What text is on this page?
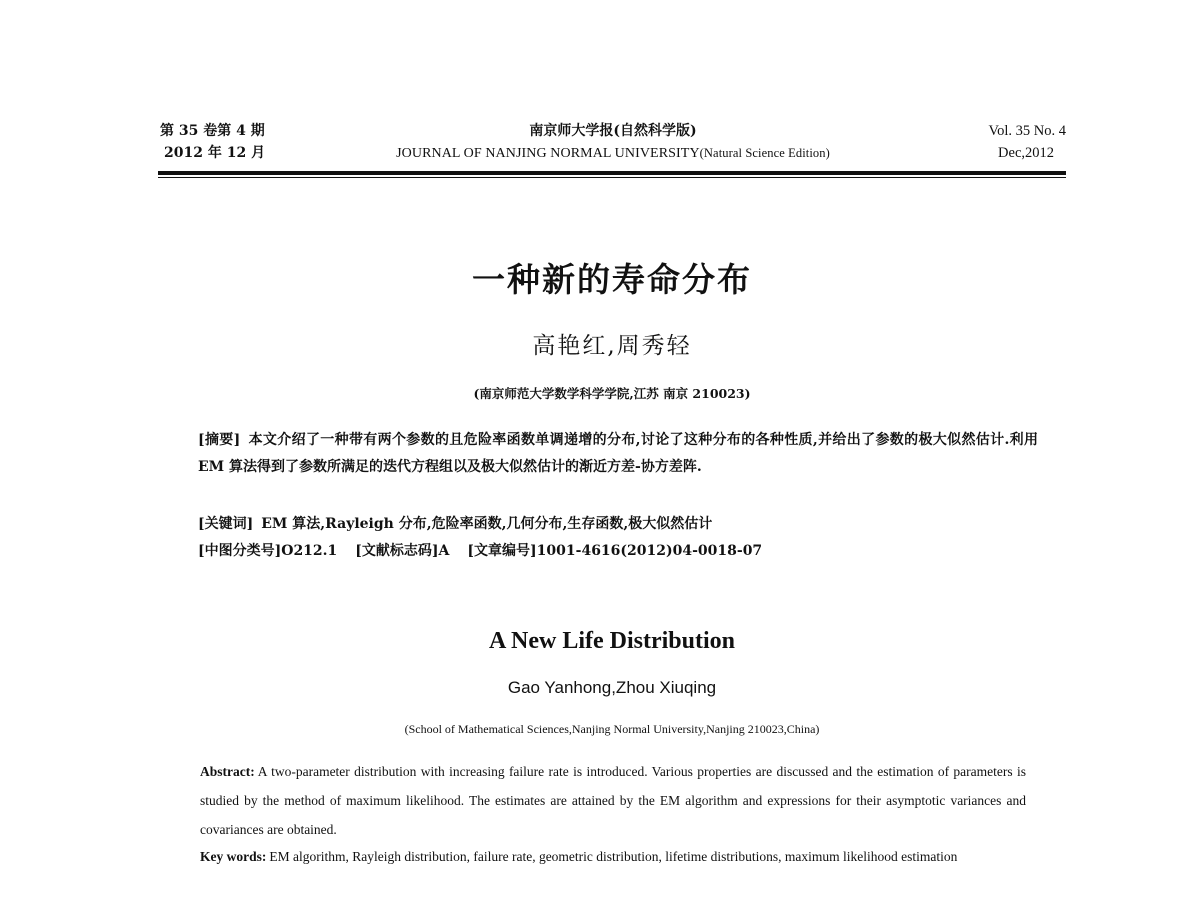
第 35 卷第 4 期
2012 年 12 月
南京师大学报(自然科学版)
JOURNAL OF NANJING NORMAL UNIVERSITY(Natural Science Edition)
Vol. 35 No. 4
Dec,2012
一种新的寿命分布
高艳红,周秀轻
(南京师范大学数学科学学院,江苏 南京 210023)
[摘要] 本文介绍了一种带有两个参数的且危险率函数单调递增的分布,讨论了这种分布的各种性质,并给出了参数的极大似然估计.利用 EM 算法得到了参数所满足的迭代方程组以及极大似然估计的渐近方差-协方差阵.
[关键词] EM 算法,Rayleigh 分布,危险率函数,几何分布,生存函数,极大似然估计
[中图分类号]O212.1 [文献标志码]A [文章编号]1001-4616(2012)04-0018-07
A New Life Distribution
Gao Yanhong,Zhou Xiuqing
(School of Mathematical Sciences,Nanjing Normal University,Nanjing 210023,China)
Abstract: A two-parameter distribution with increasing failure rate is introduced. Various properties are discussed and the estimation of parameters is studied by the method of maximum likelihood. The estimates are attained by the EM algorithm and expressions for their asymptotic variances and covariances are obtained.
Key words: EM algorithm, Rayleigh distribution, failure rate, geometric distribution, lifetime distributions, maximum likelihood estimation
